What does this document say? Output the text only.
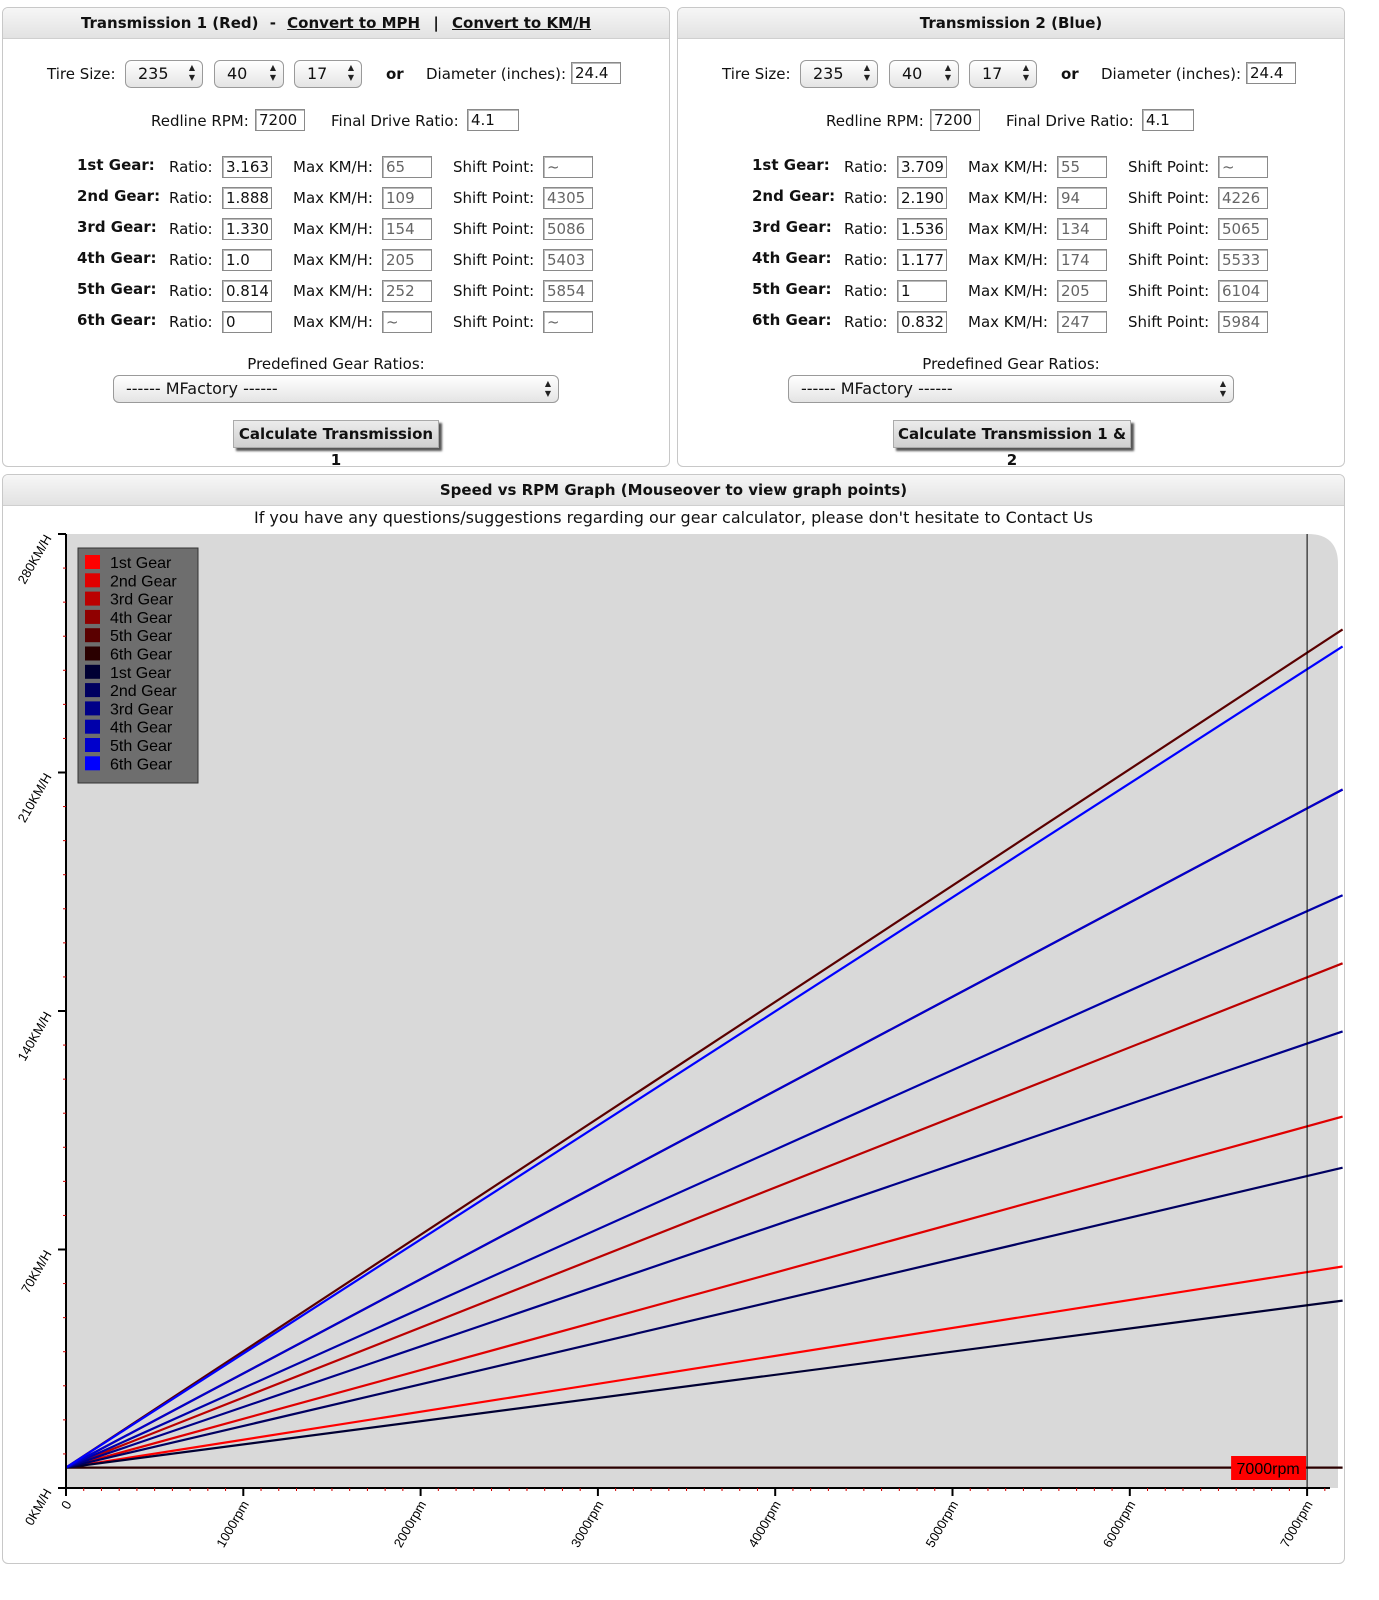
Transmission 1 (Red) - Convert to MPH | Convert to KM/H
Tire Size:	235	▲
▼	40	▲
▼	17	▲
▼ or Diameter (inches):
24.4
Redline RPM:
7200	Final Drive Ratio:
4.1
1st Gear: Ratio:
3.163	Max KM/H:
65	Shift Point:
~
2nd Gear: Ratio:
1.888	Max KM/H:
109	Shift Point:
4305
3rd Gear: Ratio:
1.330	Max KM/H:
154	Shift Point:
5086
4th Gear: Ratio:
1.0	Max KM/H:
205	Shift Point:
5403
5th Gear: Ratio:
0.814	Max KM/H:
252	Shift Point:
5854
6th Gear: Ratio:
0	Max KM/H:
~	Shift Point:
~
Predefined Gear Ratios:
------ MFactory ------	▲
▼
Calculate Transmission 1
Transmission 2 (Blue)
Tire Size:	235	▲
▼	40	▲
▼	17	▲
▼ or Diameter (inches):
24.4
Redline RPM:
7200	Final Drive Ratio:
4.1
1st Gear: Ratio:
3.709	Max KM/H:
55	Shift Point:
~
2nd Gear: Ratio:
2.190	Max KM/H:
94	Shift Point:
4226
3rd Gear: Ratio:
1.536	Max KM/H:
134	Shift Point:
5065
4th Gear: Ratio:
1.177	Max KM/H:
174	Shift Point:
5533
5th Gear: Ratio:
1	Max KM/H:
205	Shift Point:
6104
6th Gear: Ratio:
0.832	Max KM/H:
247	Shift Point:
5984
Predefined Gear Ratios:
------ MFactory ------	▲
▼
Calculate Transmission 1 & 2
Speed vs RPM Graph (Mouseover to view graph points)
If you have any questions/suggestions regarding our gear calculator, please don't hesitate to Contact Us
7000rpm
0KM/H
70KM/H
140KM/H
210KM/H
280KM/H
0	1000rpm	2000rpm	3000rpm	4000rpm	5000rpm	6000rpm	7000rpm
1st Gear
2nd Gear
3rd Gear
4th Gear
5th Gear
6th Gear
1st Gear
2nd Gear
3rd Gear
4th Gear
5th Gear
6th Gear
